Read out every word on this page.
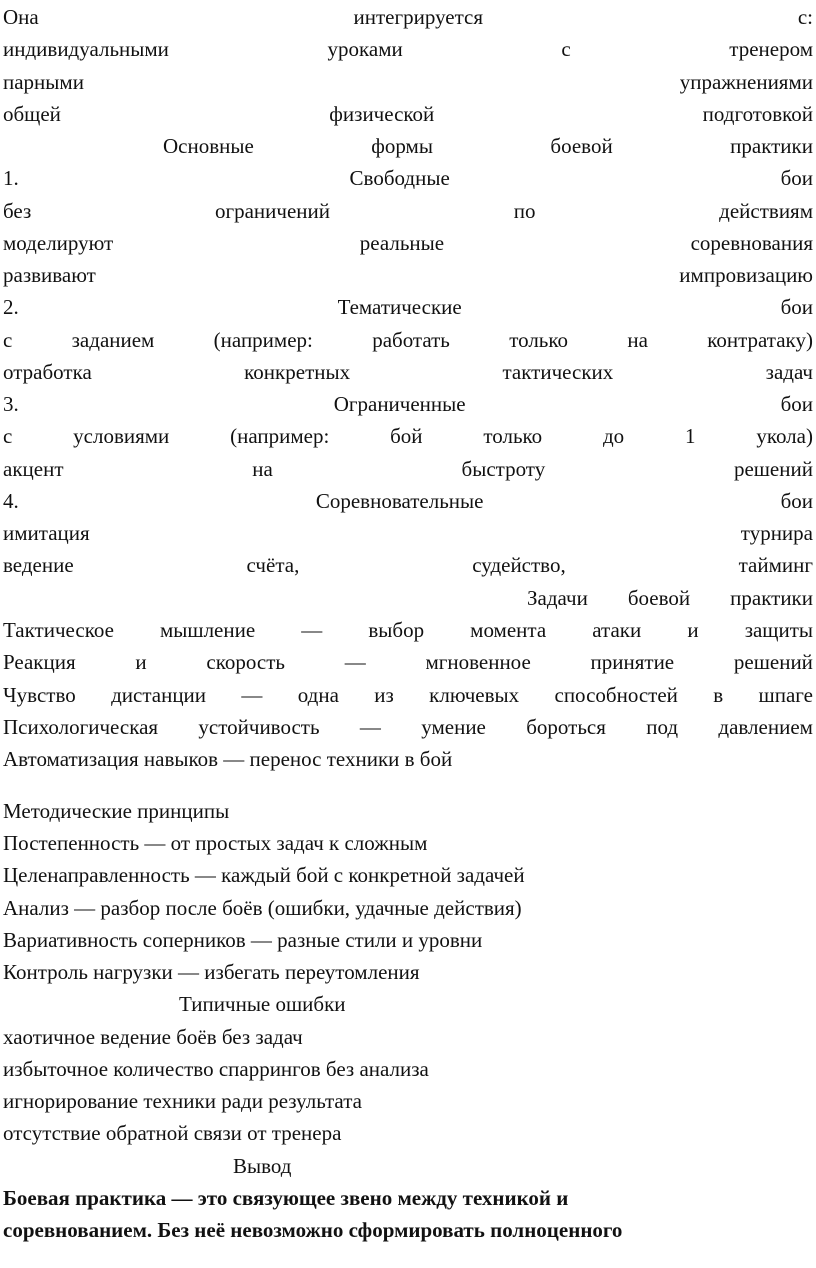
Она	интегрируется	с:
индивидуальными	уроками	с	тренером
парными	упражнениями
общей	физической	подготовкой
Основные	формы	боевой	практики
1.	Свободные	бои
без	ограничений	по	действиям
моделируют	реальные	соревнования
развивают	импровизацию
2.	Тематические	бои
с	заданием	(например:	работать	только	на	контратаку)
отработка	конкретных	тактических	задач
3.	Ограниченные	бои
с	условиями	(например:	бой	только	до	1	укола)
акцент	на	быстроту	решений
4.	Соревновательные	бои
имитация	турнира
ведение	счёта,	судейство,	тайминг
Задачи боевой практики
Тактическое мышление — выбор момента атаки и защиты
Реакция	и	скорость	—	мгновенное	принятие	решений
Чувство дистанции — одна из ключевых способностей в шпаге
Психологическая устойчивость — умение бороться под давлением
Автоматизация навыков — перенос техники в бой
Методические принципы
Постепенность — от простых задач к сложным
Целенаправленность — каждый бой с конкретной задачей
Анализ — разбор после боёв (ошибки, удачные действия)
Вариативность соперников — разные стили и уровни
Контроль нагрузки — избегать переутомления
Типичные ошибки
хаотичное ведение боёв без задач
избыточное количество спаррингов без анализа
игнорирование техники ради результата
отсутствие обратной связи от тренера
Вывод
Боевая практика — это связующее звено между техникой и
соревнованием. Без неё невозможно сформировать полноценного
